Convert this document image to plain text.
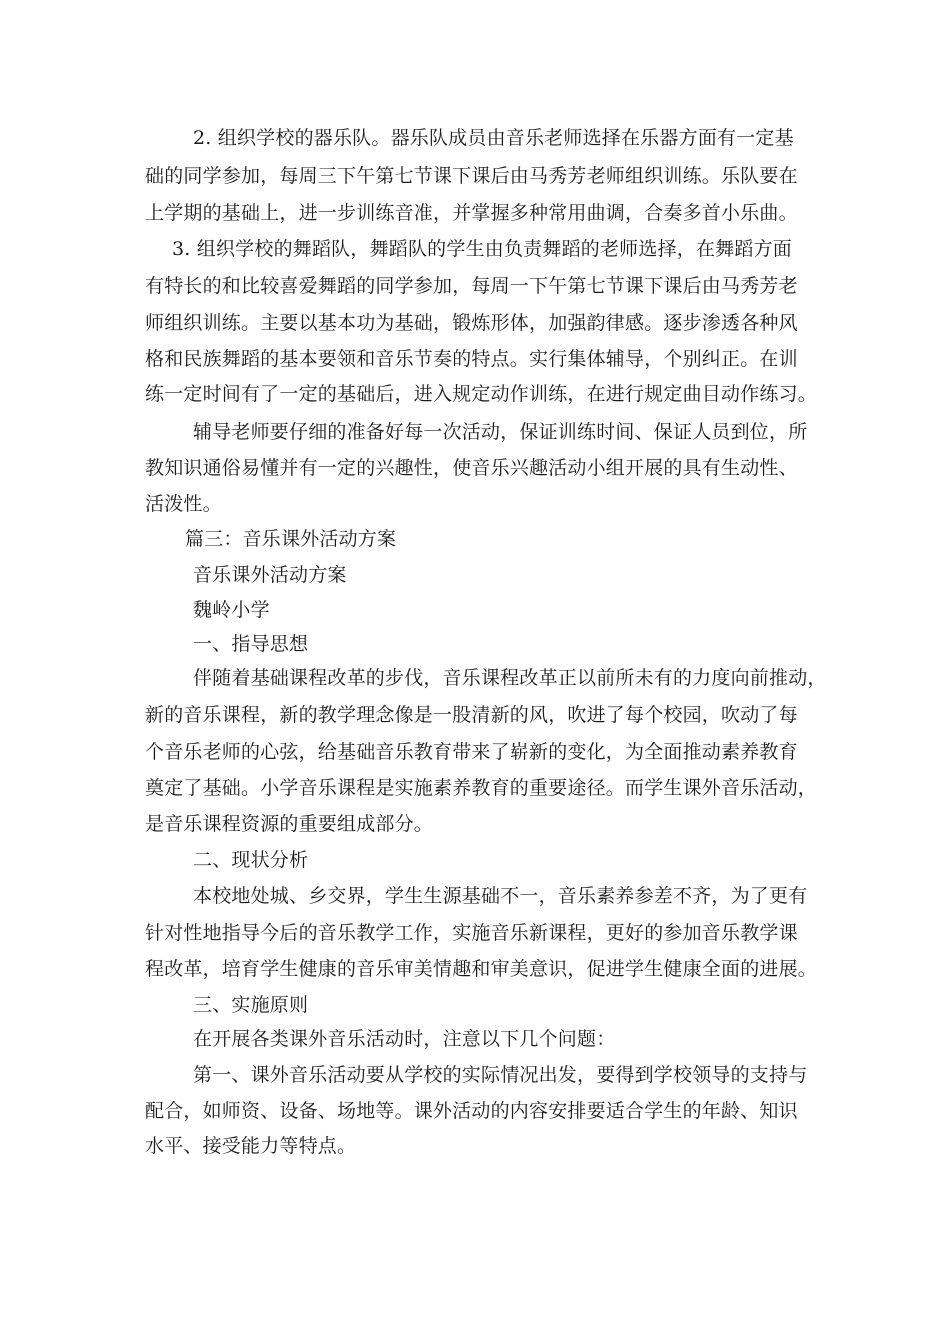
2. 组织学校的器乐队。器乐队成员由音乐老师选择在乐器方面有一定基
础的同学参加，每周三下午第七节课下课后由马秀芳老师组织训练。乐队要在
上学期的基础上，进一步训练音准，并掌握多种常用曲调，合奏多首小乐曲。
3. 组织学校的舞蹈队，舞蹈队的学生由负责舞蹈的老师选择，在舞蹈方面
有特长的和比较喜爱舞蹈的同学参加，每周一下午第七节课下课后由马秀芳老
师组织训练。主要以基本功为基础，锻炼形体，加强韵律感。逐步渗透各种风
格和民族舞蹈的基本要领和音乐节奏的特点。实行集体辅导，个别纠正。在训
练一定时间有了一定的基础后，进入规定动作训练，在进行规定曲目动作练习。
辅导老师要仔细的准备好每一次活动，保证训练时间、保证人员到位，所
教知识通俗易懂并有一定的兴趣性，使音乐兴趣活动小组开展的具有生动性、
活泼性。
篇三：音乐课外活动方案
音乐课外活动方案
魏岭小学
一、指导思想
伴随着基础课程改革的步伐，音乐课程改革正以前所未有的力度向前推动，
新的音乐课程，新的教学理念像是一股清新的风，吹进了每个校园，吹动了每
个音乐老师的心弦，给基础音乐教育带来了崭新的变化，为全面推动素养教育
奠定了基础。小学音乐课程是实施素养教育的重要途径。而学生课外音乐活动，
是音乐课程资源的重要组成部分。
二、现状分析
本校地处城、乡交界，学生生源基础不一，音乐素养参差不齐，为了更有
针对性地指导今后的音乐教学工作，实施音乐新课程，更好的参加音乐教学课
程改革，培育学生健康的音乐审美情趣和审美意识，促进学生健康全面的进展。
三、实施原则
在开展各类课外音乐活动时，注意以下几个问题：
第一、课外音乐活动要从学校的实际情况出发，要得到学校领导的支持与
配合，如师资、设备、场地等。课外活动的内容安排要适合学生的年龄、知识
水平、接受能力等特点。
